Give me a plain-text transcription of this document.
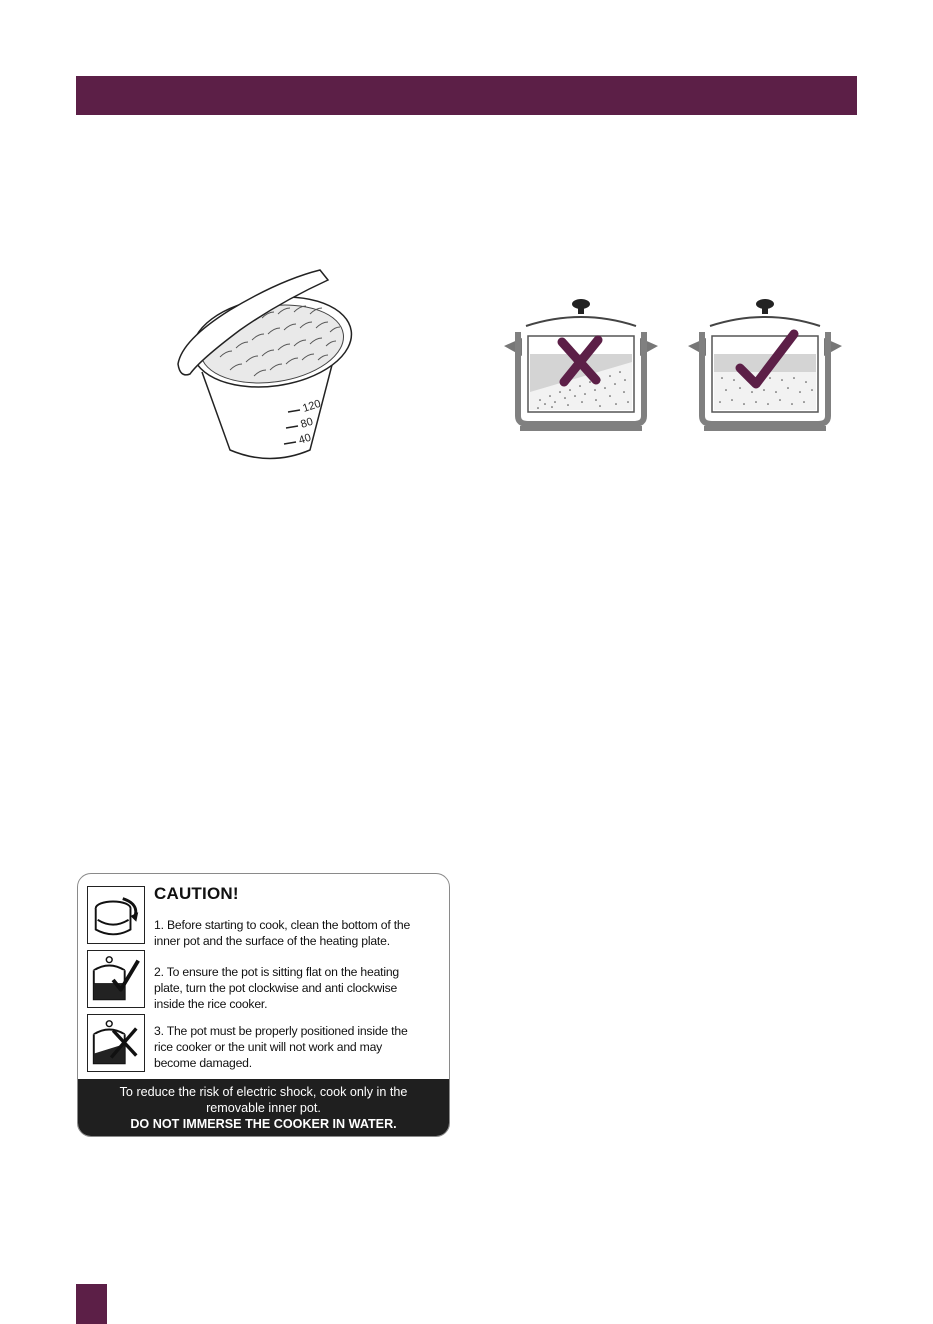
120
80
40
1. Before starting to cook, clean the bottom of the
inner pot and the surface of the heating plate.
2. To ensure the pot is sitting flat on the heating
plate, turn the pot clockwise and anti clockwise
inside the rice cooker.
3. The pot must be properly positioned inside the
rice cooker or the unit will not work and may
become damaged.
CAUTION!
To reduce the risk of electric shock, cook only in the
removable inner pot.
DO NOT IMMERSE THE COOKER IN WATER.
